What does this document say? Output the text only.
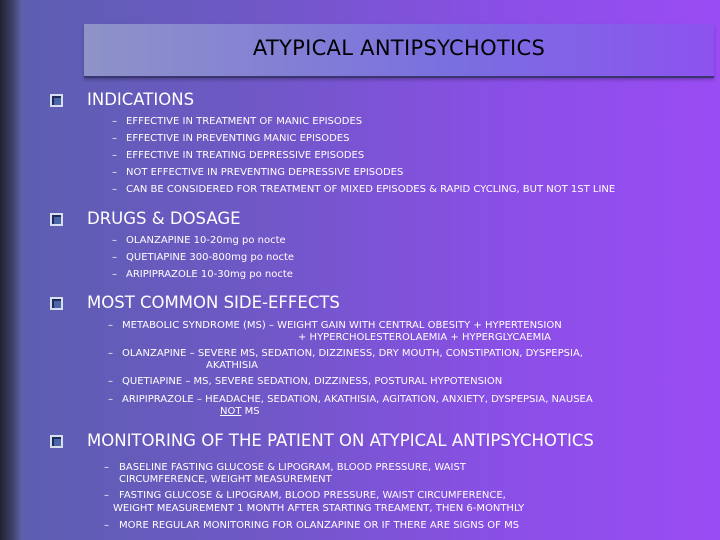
ATYPICAL ANTIPSYCHOTICS
INDICATIONS
– EFFECTIVE IN TREATMENT OF MANIC EPISODES
– EFFECTIVE IN PREVENTING MANIC EPISODES
– EFFECTIVE IN TREATING DEPRESSIVE EPISODES
– NOT EFFECTIVE IN PREVENTING DEPRESSIVE EPISODES
– CAN BE CONSIDERED FOR TREATMENT OF MIXED EPISODES & RAPID CYCLING, BUT NOT 1ST LINE
DRUGS & DOSAGE
– OLANZAPINE 10-20mg po nocte
– QUETIAPINE 300-800mg po nocte
– ARIPIPRAZOLE 10-30mg po nocte
MOST COMMON SIDE-EFFECTS
– METABOLIC SYNDROME (MS) – WEIGHT GAIN WITH CENTRAL OBESITY + HYPERTENSION
+ HYPERCHOLESTEROLAEMIA + HYPERGLYCAEMIA
– OLANZAPINE – SEVERE MS, SEDATION, DIZZINESS, DRY MOUTH, CONSTIPATION, DYSPEPSIA,
AKATHISIA
– QUETIAPINE – MS, SEVERE SEDATION, DIZZINESS, POSTURAL HYPOTENSION
– ARIPIPRAZOLE – HEADACHE, SEDATION, AKATHISIA, AGITATION, ANXIETY, DYSPEPSIA, NAUSEA
NOT MS
MONITORING OF THE PATIENT ON ATYPICAL ANTIPSYCHOTICS
– BASELINE FASTING GLUCOSE & LIPOGRAM, BLOOD PRESSURE, WAIST
CIRCUMFERENCE, WEIGHT MEASUREMENT
– FASTING GLUCOSE & LIPOGRAM, BLOOD PRESSURE, WAIST CIRCUMFERENCE,
WEIGHT MEASUREMENT 1 MONTH AFTER STARTING TREAMENT, THEN 6-MONTHLY
– MORE REGULAR MONITORING FOR OLANZAPINE OR IF THERE ARE SIGNS OF MS
